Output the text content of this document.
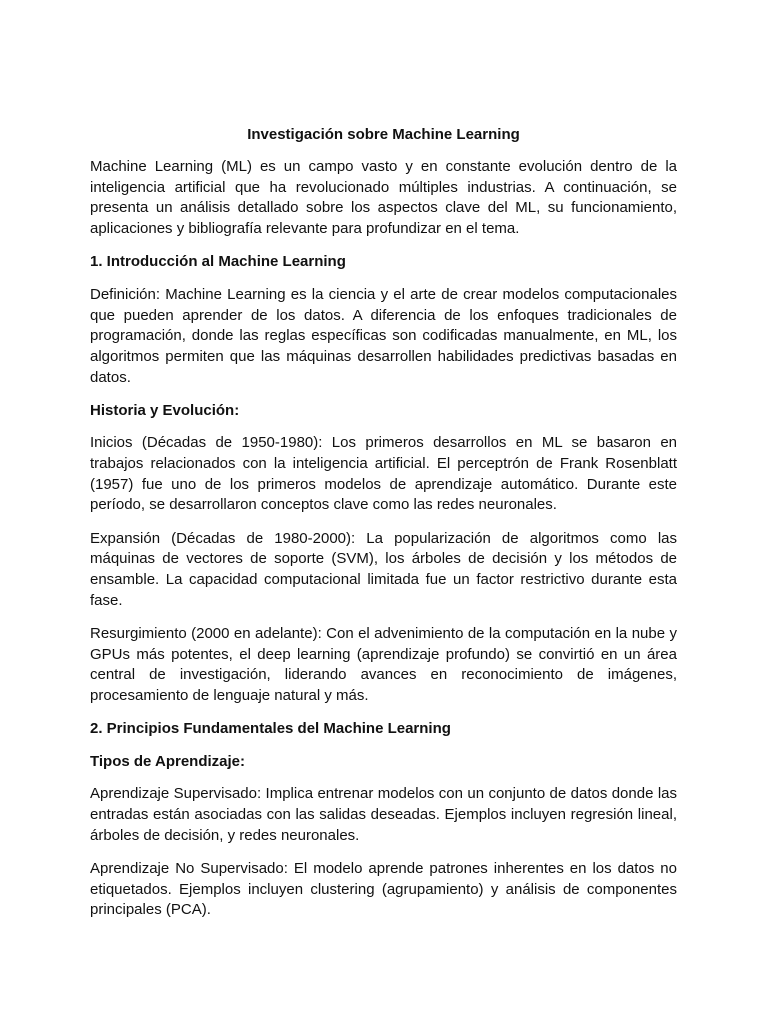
Investigación sobre Machine Learning
Machine Learning (ML) es un campo vasto y en constante evolución dentro de la inteligencia artificial que ha revolucionado múltiples industrias. A continuación, se presenta un análisis detallado sobre los aspectos clave del ML, su funcionamiento, aplicaciones y bibliografía relevante para profundizar en el tema.
1. Introducción al Machine Learning
Definición: Machine Learning es la ciencia y el arte de crear modelos computacionales que pueden aprender de los datos. A diferencia de los enfoques tradicionales de programación, donde las reglas específicas son codificadas manualmente, en ML, los algoritmos permiten que las máquinas desarrollen habilidades predictivas basadas en datos.
Historia y Evolución:
Inicios (Décadas de 1950-1980): Los primeros desarrollos en ML se basaron en trabajos relacionados con la inteligencia artificial. El perceptrón de Frank Rosenblatt (1957) fue uno de los primeros modelos de aprendizaje automático. Durante este período, se desarrollaron conceptos clave como las redes neuronales.
Expansión (Décadas de 1980-2000): La popularización de algoritmos como las máquinas de vectores de soporte (SVM), los árboles de decisión y los métodos de ensamble. La capacidad computacional limitada fue un factor restrictivo durante esta fase.
Resurgimiento (2000 en adelante): Con el advenimiento de la computación en la nube y GPUs más potentes, el deep learning (aprendizaje profundo) se convirtió en un área central de investigación, liderando avances en reconocimiento de imágenes, procesamiento de lenguaje natural y más.
2. Principios Fundamentales del Machine Learning
Tipos de Aprendizaje:
Aprendizaje Supervisado: Implica entrenar modelos con un conjunto de datos donde las entradas están asociadas con las salidas deseadas. Ejemplos incluyen regresión lineal, árboles de decisión, y redes neuronales.
Aprendizaje No Supervisado: El modelo aprende patrones inherentes en los datos no etiquetados. Ejemplos incluyen clustering (agrupamiento) y análisis de componentes principales (PCA).
